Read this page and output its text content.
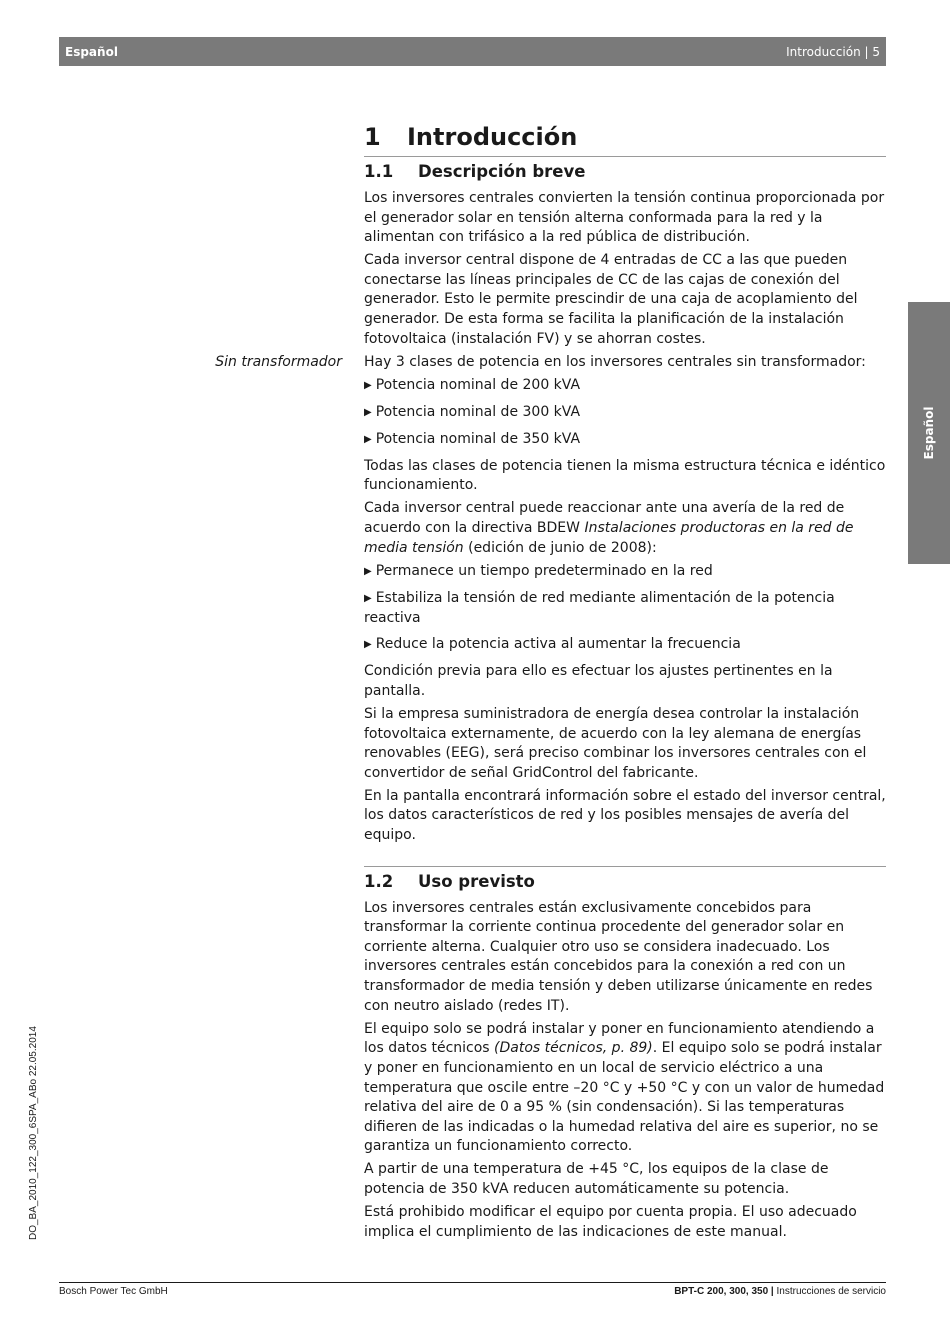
Español	Introducción | 5
Español
DO_BA_2010_122_300_6SPA_ABo 22.05.2014
1 Introducción
1.1 Descripción breve

Los inversores centrales convierten la tensión continua proporcionada por el generador solar en tensión alterna conformada para la red y la alimentan con trifásico a la red pública de distribución.

Cada inversor central dispone de 4 entradas de CC a las que pueden conectarse las líneas principales de CC de las cajas de conexión del generador. Esto le permite prescindir de una caja de acoplamiento del generador. De esta forma se facilita la planificación de la instalación fotovoltaica (instalación FV) y se ahorran costes.

Sin transformador Hay 3 clases de potencia en los inversores centrales sin transformador:

▶ Potencia nominal de 200 kVA
▶ Potencia nominal de 300 kVA
▶ Potencia nominal de 350 kVA

Todas las clases de potencia tienen la misma estructura técnica e idéntico funcionamiento.

Cada inversor central puede reaccionar ante una avería de la red de acuerdo con la directiva BDEW Instalaciones productoras en la red de media tensión (edición de junio de 2008):

▶ Permanece un tiempo predeterminado en la red
▶ Estabiliza la tensión de red mediante alimentación de la potencia reactiva
▶ Reduce la potencia activa al aumentar la frecuencia

Condición previa para ello es efectuar los ajustes pertinentes en la pantalla.

Si la empresa suministradora de energía desea controlar la instalación fotovoltaica externamente, de acuerdo con la ley alemana de energías renovables (EEG), será preciso combinar los inversores centrales con el convertidor de señal GridControl del fabricante.

En la pantalla encontrará información sobre el estado del inversor central, los datos característicos de red y los posibles mensajes de avería del equipo.

1.2 Uso previsto

Los inversores centrales están exclusivamente concebidos para transformar la corriente continua procedente del generador solar en corriente alterna. Cualquier otro uso se considera inadecuado. Los inversores centrales están concebidos para la conexión a red con un transformador de media tensión y deben utilizarse únicamente en redes con neutro aislado (redes IT).

El equipo solo se podrá instalar y poner en funcionamiento atendiendo a los datos técnicos (Datos técnicos, p. 89). El equipo solo se podrá instalar y poner en funcionamiento en un local de servicio eléctrico a una temperatura que oscile entre –20 °C y +50 °C y con un valor de humedad relativa del aire de 0 a 95 % (sin condensación). Si las temperaturas difieren de las indicadas o la humedad relativa del aire es superior, no se garantiza un funcionamiento correcto.

A partir de una temperatura de +45 °C, los equipos de la clase de potencia de 350 kVA reducen automáticamente su potencia.

Está prohibido modificar el equipo por cuenta propia. El uso adecuado implica el cumplimiento de las indicaciones de este manual.

Bosch Power Tec GmbH	BPT-C 200, 300, 350 | Instrucciones de servicio
